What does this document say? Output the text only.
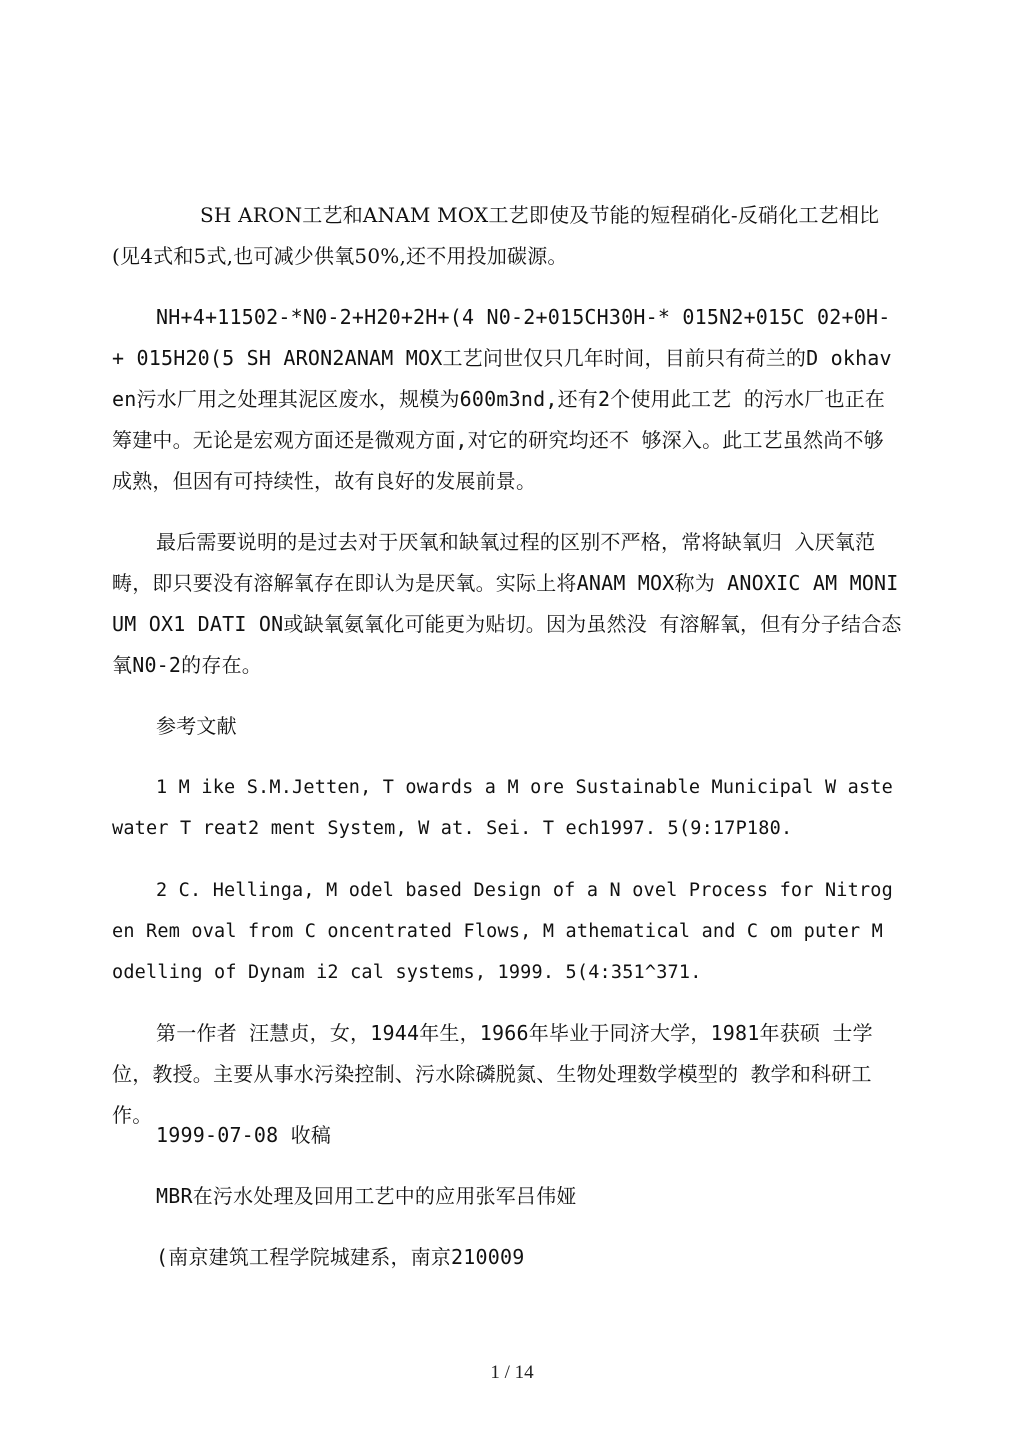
SH ARON工艺和ANAM MOX工艺即使及节能的短程硝化-反硝化工艺相比(见4式和5式,也可减少供氧50%,还不用投加碳源。

NH+4+11502-*N0-2+H20+2H+(4 N0-2+015CH30H-* 015N2+015C 02+0H-+ 015H20(5 SH ARON2ANAM MOX工艺问世仅只几年时间，目前只有荷兰的D okhaven污水厂用之处理其泥区废水，规模为600m3nd,还有2个使用此工艺 的污水厂也正在筹建中。无论是宏观方面还是微观方面,对它的研究均还不 够深入。此工艺虽然尚不够成熟，但因有可持续性，故有良好的发展前景。

最后需要说明的是过去对于厌氧和缺氧过程的区别不严格，常将缺氧归 入厌氧范畴，即只要没有溶解氧存在即认为是厌氧。实际上将ANAM MOX称为 ANOXIC AM MONI UM OX1 DATI ON或缺氧氨氧化可能更为贴切。因为虽然没 有溶解氧，但有分子结合态氧N0-2的存在。

参考文献

1 M ike S.M.Jetten, T owards a M ore Sustainable Municipal W astewater T reat2 ment System, W at. Sei. T ech1997. 5(9:17P180.

2 C. Hellinga, M odel based Design of a N ovel Process for Nitrogen Rem oval from C oncentrated Flows, M athematical and C om puter M odelling of Dynam i2 cal systems, 1999. 5(4:351^371.

第一作者 汪慧贞，女，1944年生，1966年毕业于同济大学，1981年获硕 士学位，教授。主要从事水污染控制、污水除磷脱氮、生物处理数学模型的 教学和科研工作。

1999-07-08 收稿

MBR在污水处理及回用工艺中的应用张军吕伟娅

(南京建筑工程学院城建系，南京210009

1 / 14
